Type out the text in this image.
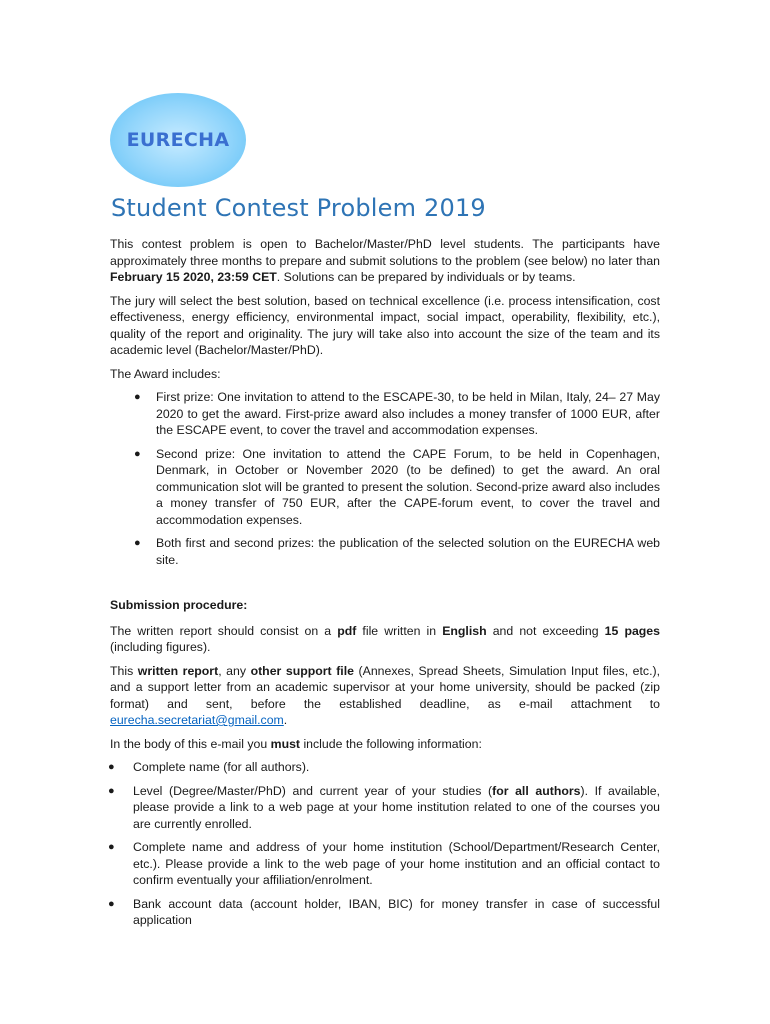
EURECHA
Student Contest Problem 2019

This contest problem is open to Bachelor/Master/PhD level students. The participants have approximately three months to prepare and submit solutions to the problem (see below) no later than February 15 2020, 23:59 CET. Solutions can be prepared by individuals or by teams.

The jury will select the best solution, based on technical excellence (i.e. process intensification, cost effectiveness, energy efficiency, environmental impact, social impact, operability, flexibility, etc.), quality of the report and originality. The jury will take also into account the size of the team and its academic level (Bachelor/Master/PhD).

The Award includes:

● First prize: One invitation to attend to the ESCAPE-30, to be held in Milan, Italy, 24– 27 May 2020 to get the award. First-prize award also includes a money transfer of 1000 EUR, after the ESCAPE event, to cover the travel and accommodation expenses.
● Second prize: One invitation to attend the CAPE Forum, to be held in Copenhagen, Denmark, in October or November 2020 (to be defined) to get the award. An oral communication slot will be granted to present the solution. Second-prize award also includes a money transfer of 750 EUR, after the CAPE-forum event, to cover the travel and accommodation expenses.
● Both first and second prizes: the publication of the selected solution on the EURECHA web site.

Submission procedure:

The written report should consist on a pdf file written in English and not exceeding 15 pages (including figures).

This written report, any other support file (Annexes, Spread Sheets, Simulation Input files, etc.), and a support letter from an academic supervisor at your home university, should be packed (zip format) and sent, before the established deadline, as e-mail attachment to eurecha.secretariat@gmail.com.

In the body of this e-mail you must include the following information:

● Complete name (for all authors).
● Level (Degree/Master/PhD) and current year of your studies (for all authors). If available, please provide a link to a web page at your home institution related to one of the courses you are currently enrolled.
● Complete name and address of your home institution (School/Department/Research Center, etc.). Please provide a link to the web page of your home institution and an official contact to confirm eventually your affiliation/enrolment.
● Bank account data (account holder, IBAN, BIC) for money transfer in case of successful application
